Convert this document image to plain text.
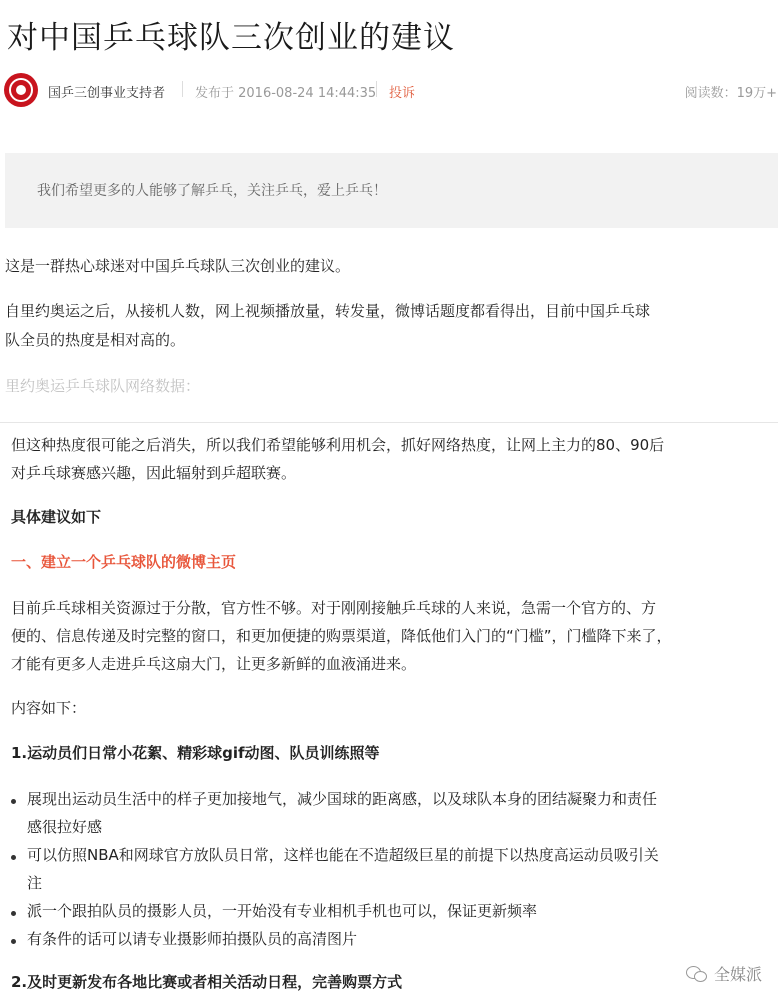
对中国乒乓球队三次创业的建议
国乒三创事业支持者 发布于 2016-08-24 14:44:35 投诉	阅读数：19万+
我们希望更多的人能够了解乒乓，关注乒乓，爱上乒乓！
这是一群热心球迷对中国乒乓球队三次创业的建议。
自里约奥运之后，从接机人数，网上视频播放量，转发量，微博话题度都看得出，目前中国乒乓球
队全员的热度是相对高的。
里约奥运乒乓球队网络数据：
但这种热度很可能之后消失，所以我们希望能够利用机会，抓好网络热度，让网上主力的80、90后
对乒乓球赛感兴趣，因此辐射到乒超联赛。
具体建议如下
一、建立一个乒乓球队的微博主页
目前乒乓球相关资源过于分散，官方性不够。对于刚刚接触乒乓球的人来说，急需一个官方的、方
便的、信息传递及时完整的窗口，和更加便捷的购票渠道，降低他们入门的“门槛”，门槛降下来了，
才能有更多人走进乒乓这扇大门，让更多新鲜的血液涌进来。
内容如下：
1.运动员们日常小花絮、精彩球gif动图、队员训练照等
展现出运动员生活中的样子更加接地气，减少国球的距离感，以及球队本身的团结凝聚力和责任
感很拉好感
可以仿照NBA和网球官方放队员日常，这样也能在不造超级巨星的前提下以热度高运动员吸引关
注
派一个跟拍队员的摄影人员，一开始没有专业相机手机也可以，保证更新频率
有条件的话可以请专业摄影师拍摄队员的高清图片
2.及时更新发布各地比赛或者相关活动日程，完善购票方式	全媒派
